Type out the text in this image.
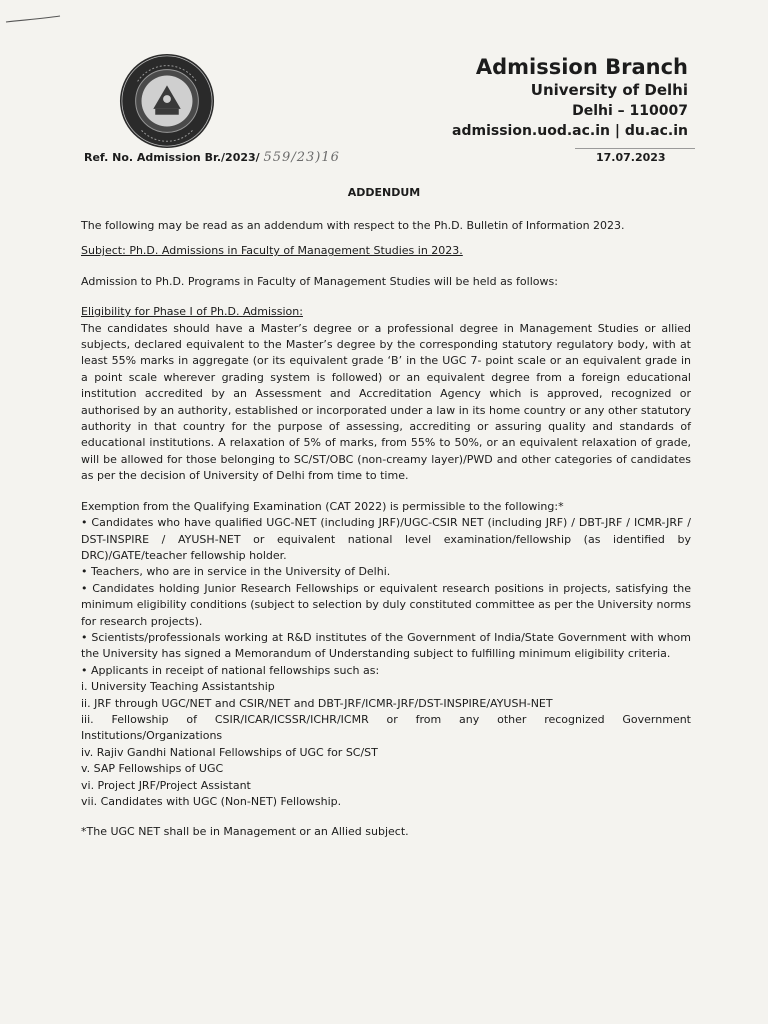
Admission Branch
University of Delhi
Delhi – 110007
admission.uod.ac.in | du.ac.in
Ref. No. Admission Br./2023/ 559/23)16	17.07.2023
ADDENDUM

The following may be read as an addendum with respect to the Ph.D. Bulletin of Information 2023.

Subject: Ph.D. Admissions in Faculty of Management Studies in 2023.

Admission to Ph.D. Programs in Faculty of Management Studies will be held as follows:

Eligibility for Phase I of Ph.D. Admission:

The candidates should have a Master’s degree or a professional degree in Management Studies or allied subjects, declared equivalent to the Master’s degree by the corresponding statutory regulatory body, with at least 55% marks in aggregate (or its equivalent grade ‘B’ in the UGC 7- point scale or an equivalent grade in a point scale wherever grading system is followed) or an equivalent degree from a foreign educational institution accredited by an Assessment and Accreditation Agency which is approved, recognized or authorised by an authority, established or incorporated under a law in its home country or any other statutory authority in that country for the purpose of assessing, accrediting or assuring quality and standards of educational institutions. A relaxation of 5% of marks, from 55% to 50%, or an equivalent relaxation of grade, will be allowed for those belonging to SC/ST/OBC (non-creamy layer)/PWD and other categories of candidates as per the decision of University of Delhi from time to time.

Exemption from the Qualifying Examination (CAT 2022) is permissible to the following:*

• Candidates who have qualified UGC-NET (including JRF)/UGC-CSIR NET (including JRF) / DBT-JRF / ICMR-JRF / DST-INSPIRE / AYUSH-NET or equivalent national level examination/fellowship (as identified by DRC)/GATE/teacher fellowship holder.

• Teachers, who are in service in the University of Delhi.

• Candidates holding Junior Research Fellowships or equivalent research positions in projects, satisfying the minimum eligibility conditions (subject to selection by duly constituted committee as per the University norms for research projects).

• Scientists/professionals working at R&D institutes of the Government of India/State Government with whom the University has signed a Memorandum of Understanding subject to fulfilling minimum eligibility criteria.

• Applicants in receipt of national fellowships such as:

i. University Teaching Assistantship

ii. JRF through UGC/NET and CSIR/NET and DBT-JRF/ICMR-JRF/DST-INSPIRE/AYUSH-NET

iii. Fellowship of CSIR/ICAR/ICSSR/ICHR/ICMR or from any other recognized Government Institutions/Organizations

iv. Rajiv Gandhi National Fellowships of UGC for SC/ST

v. SAP Fellowships of UGC

vi. Project JRF/Project Assistant

vii. Candidates with UGC (Non-NET) Fellowship.

*The UGC NET shall be in Management or an Allied subject.
